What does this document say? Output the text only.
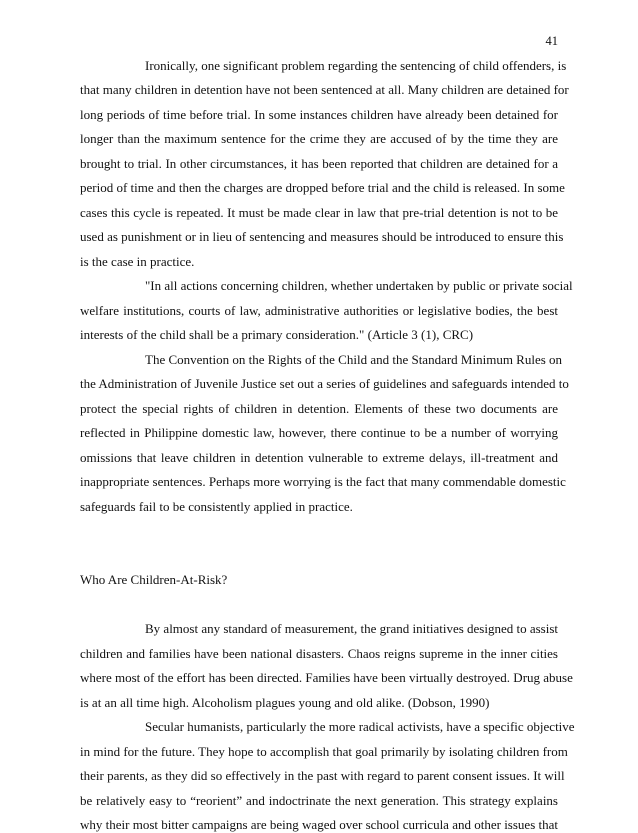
41
Ironically, one significant problem regarding the sentencing of child offenders, is
that many children in detention have not been sentenced at all. Many children are detained for
long periods of time before trial. In some instances children have already been detained for
longer than the maximum sentence for the crime they are accused of by the time they are
brought to trial. In other circumstances, it has been reported that children are detained for a
period of time and then the charges are dropped before trial and the child is released. In some
cases this cycle is repeated. It must be made clear in law that pre-trial detention is not to be
used as punishment or in lieu of sentencing and measures should be introduced to ensure this
is the case in practice.
"In all actions concerning children, whether undertaken by public or private social
welfare institutions, courts of law, administrative authorities or legislative bodies, the best
interests of the child shall be a primary consideration." (Article 3 (1), CRC)
The Convention on the Rights of the Child and the Standard Minimum Rules on
the Administration of Juvenile Justice set out a series of guidelines and safeguards intended to
protect the special rights of children in detention. Elements of these two documents are
reflected in Philippine domestic law, however, there continue to be a number of worrying
omissions that leave children in detention vulnerable to extreme delays, ill-treatment and
inappropriate sentences. Perhaps more worrying is the fact that many commendable domestic
safeguards fail to be consistently applied in practice.
Who Are Children-At-Risk?
By almost any standard of measurement, the grand initiatives designed to assist
children and families have been national disasters. Chaos reigns supreme in the inner cities
where most of the effort has been directed. Families have been virtually destroyed. Drug abuse
is at an all time high. Alcoholism plagues young and old alike. (Dobson, 1990)
Secular humanists, particularly the more radical activists, have a specific objective
in mind for the future. They hope to accomplish that goal primarily by isolating children from
their parents, as they did so effectively in the past with regard to parent consent issues. It will
be relatively easy to “reorient” and indoctrinate the next generation. This strategy explains
why their most bitter campaigns are being waged over school curricula and other issues that
